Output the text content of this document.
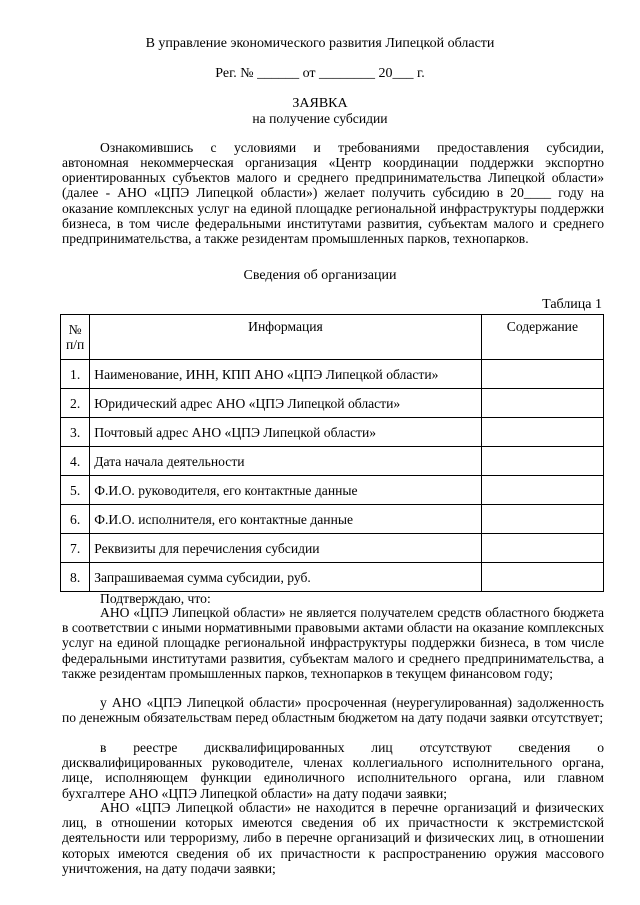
В управление экономического развития Липецкой области
Рег. № ______ от ________ 20___ г.
ЗАЯВКА
на получение субсидии
Ознакомившись с условиями и требованиями предоставления субсидии,
автономная некоммерческая организация «Центр координации поддержки экспортно ориентированных субъектов малого и среднего предпринимательства Липецкой области» (далее - АНО «ЦПЭ Липецкой области») желает получить субсидию в 20____ году на оказание комплексных услуг на единой площадке региональной инфраструктуры поддержки бизнеса, в том числе федеральными институтами развития, субъектам малого и среднего предпринимательства, а также резидентам промышленных парков, технопарков.
Сведения об организации
Таблица 1
№ п/п	Информация	Содержание
1.	Наименование, ИНН, КПП АНО «ЦПЭ Липецкой области»	
2.	Юридический адрес АНО «ЦПЭ Липецкой области»	
3.	Почтовый адрес АНО «ЦПЭ Липецкой области»	
4.	Дата начала деятельности	
5.	Ф.И.О. руководителя, его контактные данные	
6.	Ф.И.О. исполнителя, его контактные данные	
7.	Реквизиты для перечисления субсидии	
8.	Запрашиваемая сумма субсидии, руб.	
Подтверждаю, что:
АНО «ЦПЭ Липецкой области» не является получателем средств областного бюджета в соответствии с иными нормативными правовыми актами области на оказание комплексных услуг на единой площадке региональной инфраструктуры поддержки бизнеса, в том числе федеральными институтами развития, субъектам малого и среднего предпринимательства, а также резидентам промышленных парков, технопарков в текущем финансовом году;
у АНО «ЦПЭ Липецкой области» просроченная (неурегулированная) задолженность по денежным обязательствам перед областным бюджетом на дату подачи заявки отсутствует;
в реестре дисквалифицированных лиц отсутствуют сведения о дисквалифицированных руководителе, членах коллегиального исполнительного органа, лице, исполняющем функции единоличного исполнительного органа, или главном бухгалтере АНО «ЦПЭ Липецкой области» на дату подачи заявки;
АНО «ЦПЭ Липецкой области» не находится в перечне организаций и физических лиц, в отношении которых имеются сведения об их причастности к экстремистской деятельности или терроризму, либо в перечне организаций и физических лиц, в отношении которых имеются сведения об их причастности к распространению оружия массового уничтожения, на дату подачи заявки;
